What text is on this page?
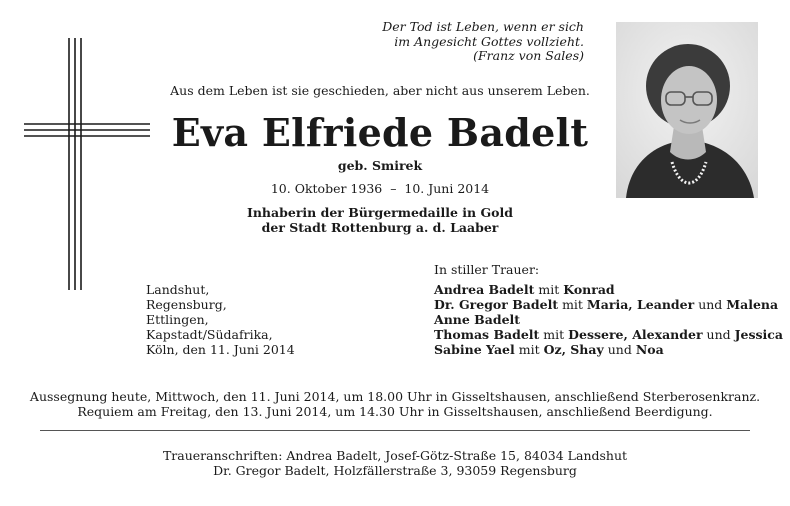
Der Tod ist Leben, wenn er sich
im Angesicht Gottes vollzieht.
(Franz von Sales)
Aus dem Leben ist sie geschieden, aber nicht aus unserem Leben.
Eva Elfriede Badelt
geb. Smirek
10. Oktober 1936  –  10. Juni 2014
Inhaberin der Bürgermedaille in Gold
der Stadt Rottenburg a. d. Laaber
Landshut,
Regensburg,
Ettlingen,
Kapstadt/Südafrika,
Köln, den 11. Juni 2014
In stiller Trauer:
Andrea Badelt mit Konrad
Dr. Gregor Badelt mit Maria, Leander und Malena
Anne Badelt
Thomas Badelt mit Dessere, Alexander und Jessica
Sabine Yael mit Oz, Shay und Noa
Aussegnung heute, Mittwoch, den 11. Juni 2014, um 18.00 Uhr in Gisseltshausen, anschließend Sterberosenkranz.
Requiem am Freitag, den 13. Juni 2014, um 14.30 Uhr in Gisseltshausen, anschließend Beerdigung.
Traueranschriften: Andrea Badelt, Josef-Götz-Straße 15, 84034 Landshut
Dr. Gregor Badelt, Holzfällerstraße 3, 93059 Regensburg
